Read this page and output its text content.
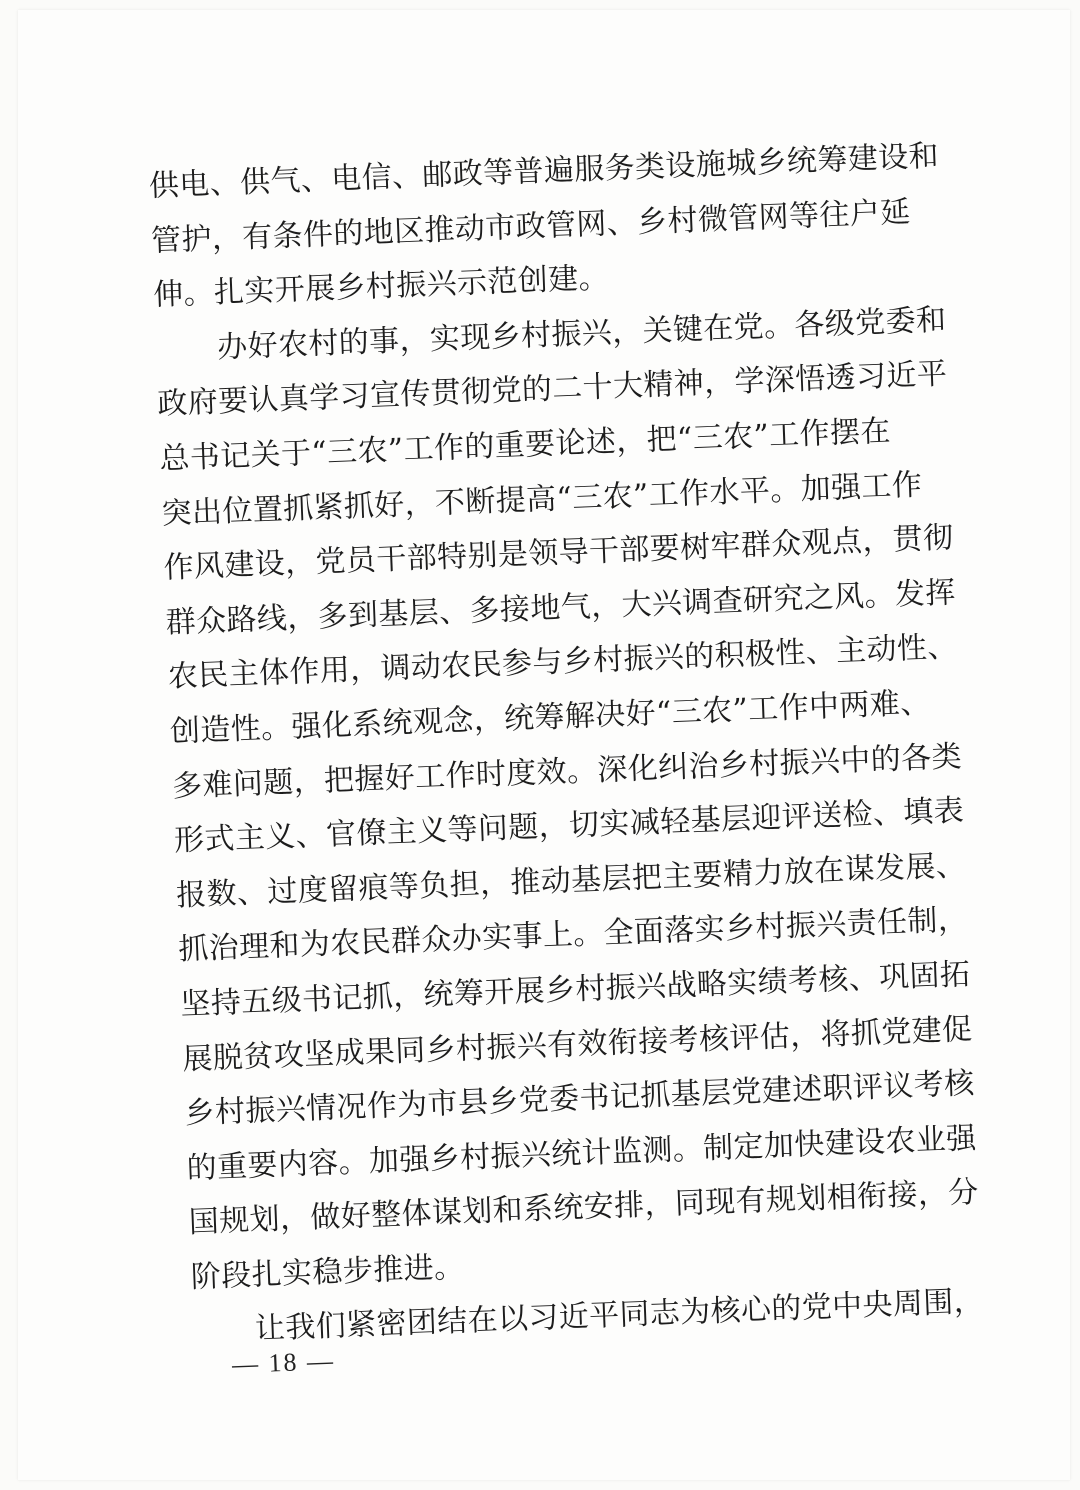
供电、供气、电信、邮政等普遍服务类设施城乡统筹建设和
管护，有条件的地区推动市政管网、乡村微管网等往户延
伸。扎实开展乡村振兴示范创建。
办好农村的事，实现乡村振兴，关键在党。各级党委和
政府要认真学习宣传贯彻党的二十大精神，学深悟透习近平
总书记关于“三农”工作的重要论述，把“三农”工作摆在
突出位置抓紧抓好，不断提高“三农”工作水平。加强工作
作风建设，党员干部特别是领导干部要树牢群众观点，贯彻
群众路线，多到基层、多接地气，大兴调查研究之风。发挥
农民主体作用，调动农民参与乡村振兴的积极性、主动性、
创造性。强化系统观念，统筹解决好“三农”工作中两难、
多难问题，把握好工作时度效。深化纠治乡村振兴中的各类
形式主义、官僚主义等问题，切实减轻基层迎评送检、填表
报数、过度留痕等负担，推动基层把主要精力放在谋发展、
抓治理和为农民群众办实事上。全面落实乡村振兴责任制，
坚持五级书记抓，统筹开展乡村振兴战略实绩考核、巩固拓
展脱贫攻坚成果同乡村振兴有效衔接考核评估，将抓党建促
乡村振兴情况作为市县乡党委书记抓基层党建述职评议考核
的重要内容。加强乡村振兴统计监测。制定加快建设农业强
国规划，做好整体谋划和系统安排，同现有规划相衔接，分
阶段扎实稳步推进。
让我们紧密团结在以习近平同志为核心的党中央周围，
— 18 —
